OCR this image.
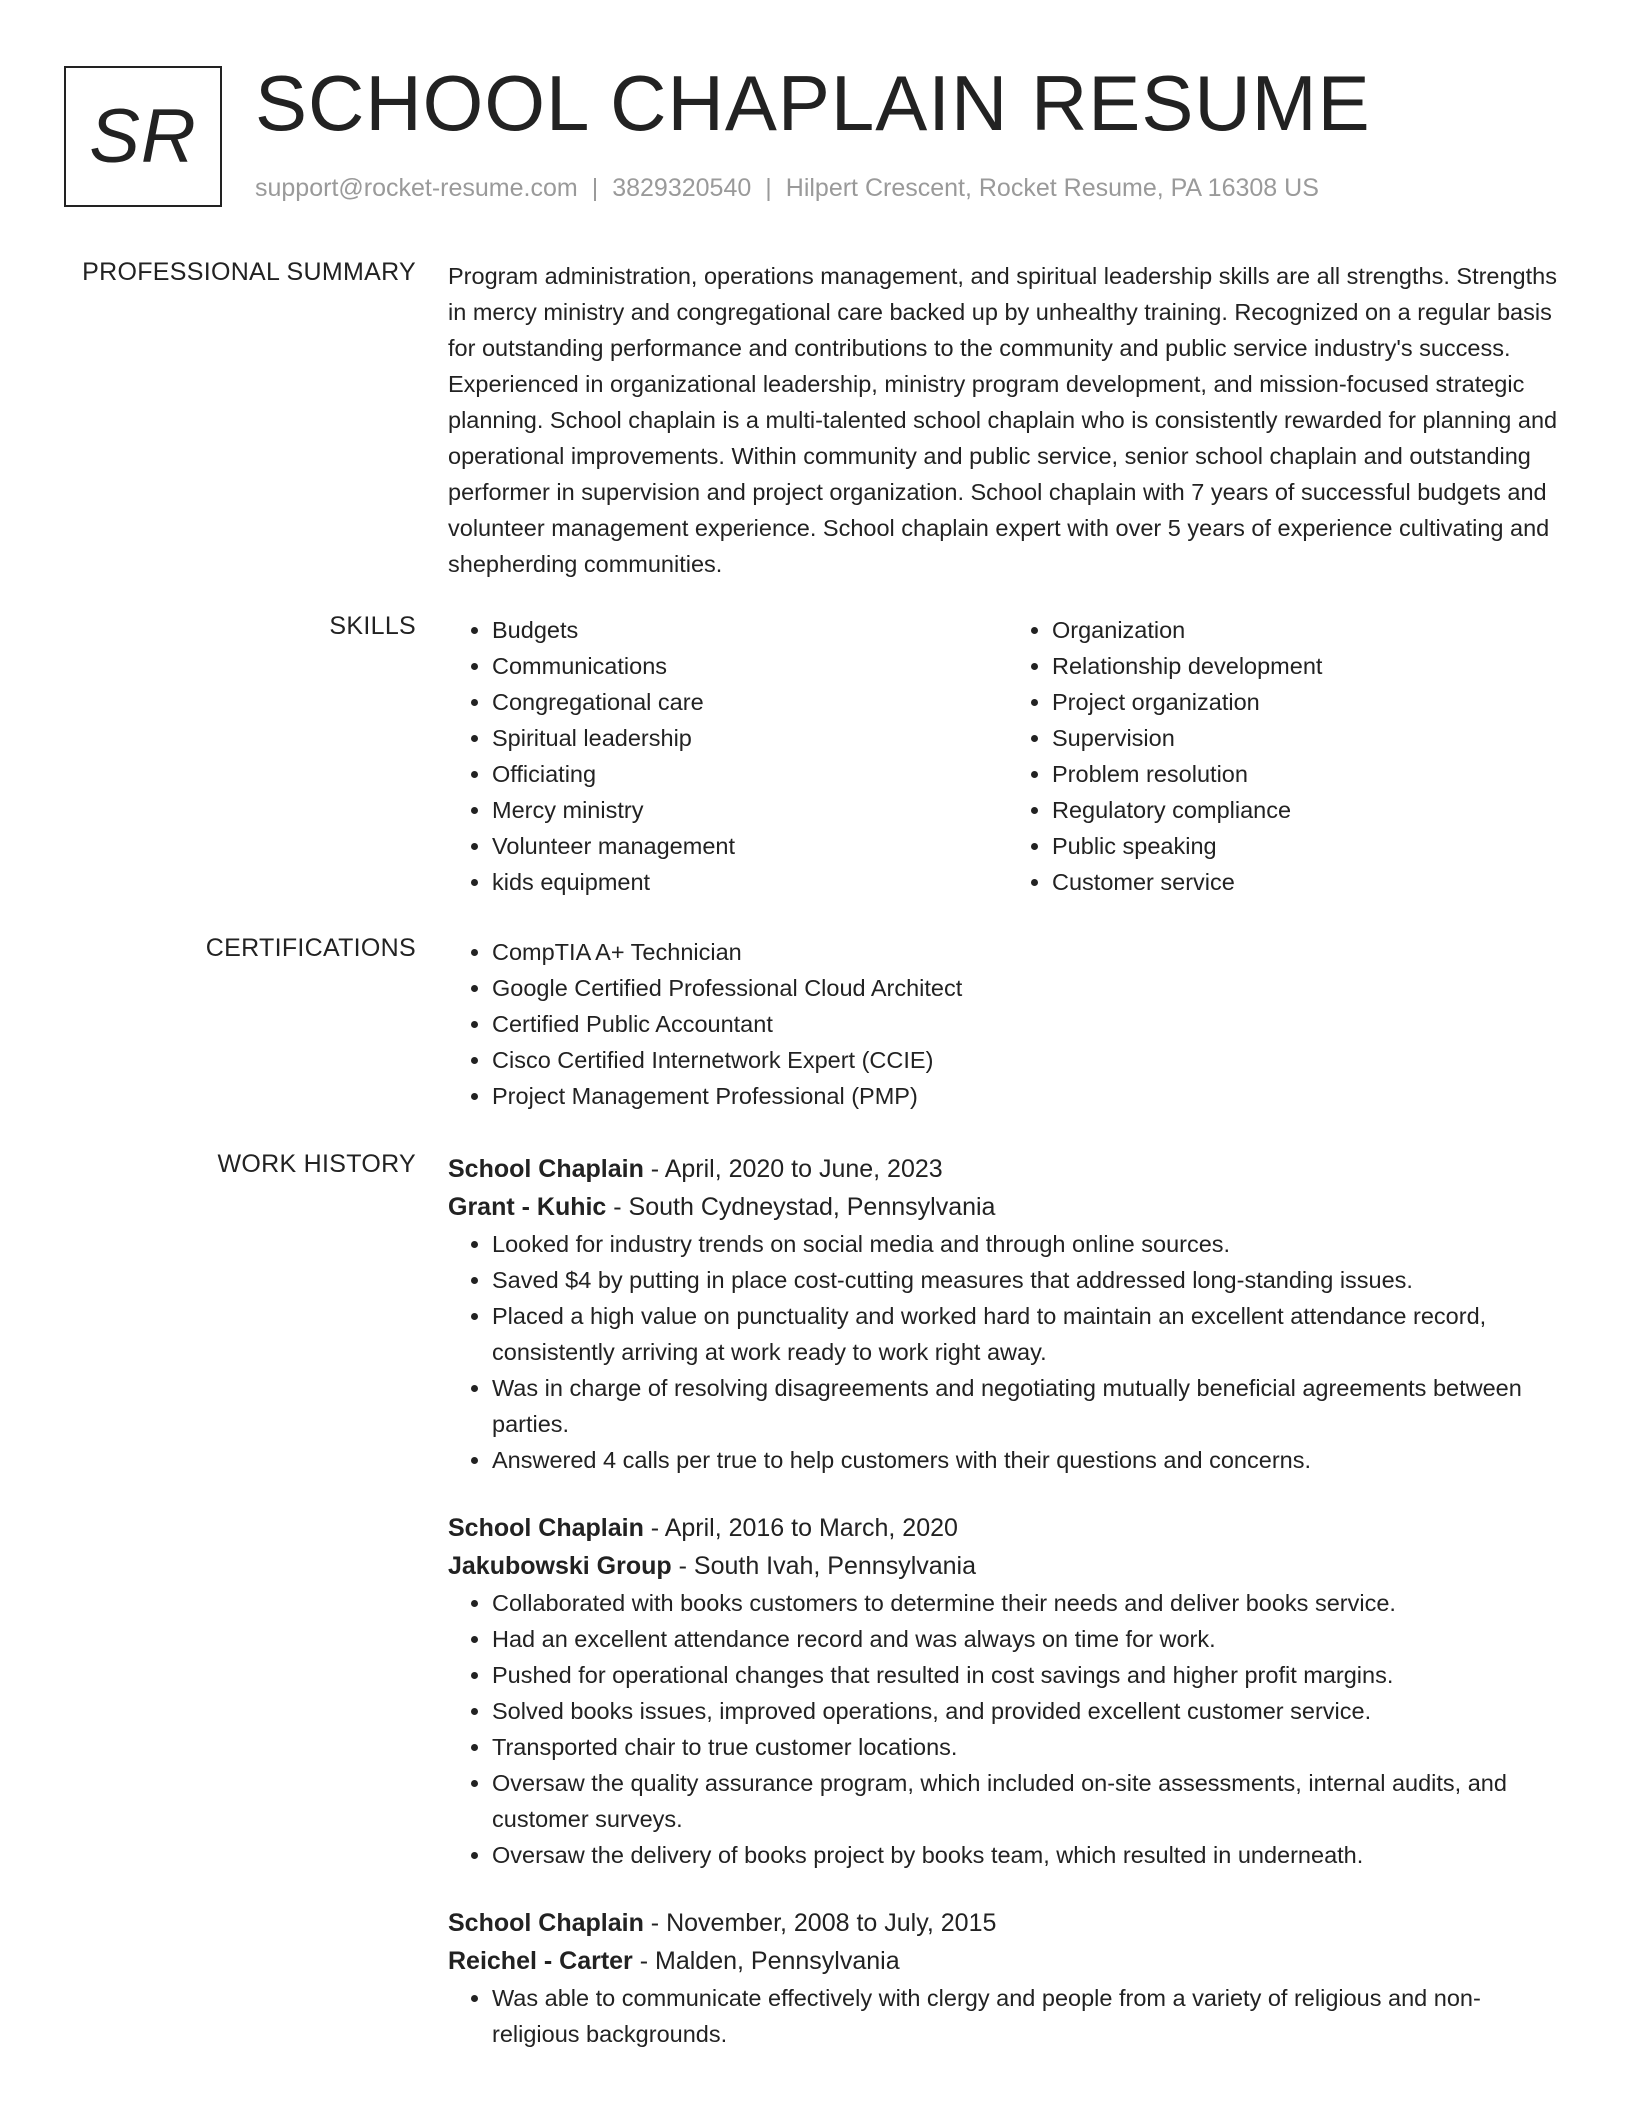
SR SCHOOL CHAPLAIN RESUME
support@rocket-resume.com | 3829320540 | Hilpert Crescent, Rocket Resume, PA 16308 US
PROFESSIONAL SUMMARY Program administration, operations management, and spiritual leadership skills are all strengths. Strengths in mercy ministry and congregational care backed up by unhealthy training. Recognized on a regular basis for outstanding performance and contributions to the community and public service industry's success. Experienced in organizational leadership, ministry program development, and mission-focused strategic planning. School chaplain is a multi-talented school chaplain who is consistently rewarded for planning and operational improvements. Within community and public service, senior school chaplain and outstanding performer in supervision and project organization. School chaplain with 7 years of successful budgets and volunteer management experience. School chaplain expert with over 5 years of experience cultivating and shepherding communities.

SKILLS	• Budgets
• Communications
• Congregational care
• Spiritual leadership
• Officiating
• Mercy ministry
• Volunteer management
• kids equipment
• Organization
• Relationship development
• Project organization
• Supervision
• Problem resolution
• Regulatory compliance
• Public speaking
• Customer service
CERTIFICATIONS	• CompTIA A+ Technician
• Google Certified Professional Cloud Architect
• Certified Public Accountant
• Cisco Certified Internetwork Expert (CCIE)
• Project Management Professional (PMP)
WORK HISTORY School Chaplain - April, 2020 to June, 2023
Grant - Kuhic - South Cydneystad, Pennsylvania
• Looked for industry trends on social media and through online sources.
• Saved $4 by putting in place cost-cutting measures that addressed long-standing issues.
• Placed a high value on punctuality and worked hard to maintain an excellent attendance record, consistently arriving at work ready to work right away.
• Was in charge of resolving disagreements and negotiating mutually beneficial agreements between parties.
• Answered 4 calls per true to help customers with their questions and concerns.
School Chaplain - April, 2016 to March, 2020
Jakubowski Group - South Ivah, Pennsylvania
• Collaborated with books customers to determine their needs and deliver books service.
• Had an excellent attendance record and was always on time for work.
• Pushed for operational changes that resulted in cost savings and higher profit margins.
• Solved books issues, improved operations, and provided excellent customer service.
• Transported chair to true customer locations.
• Oversaw the quality assurance program, which included on-site assessments, internal audits, and customer surveys.
• Oversaw the delivery of books project by books team, which resulted in underneath.
School Chaplain - November, 2008 to July, 2015
Reichel - Carter - Malden, Pennsylvania
• Was able to communicate effectively with clergy and people from a variety of religious and non-religious backgrounds.
